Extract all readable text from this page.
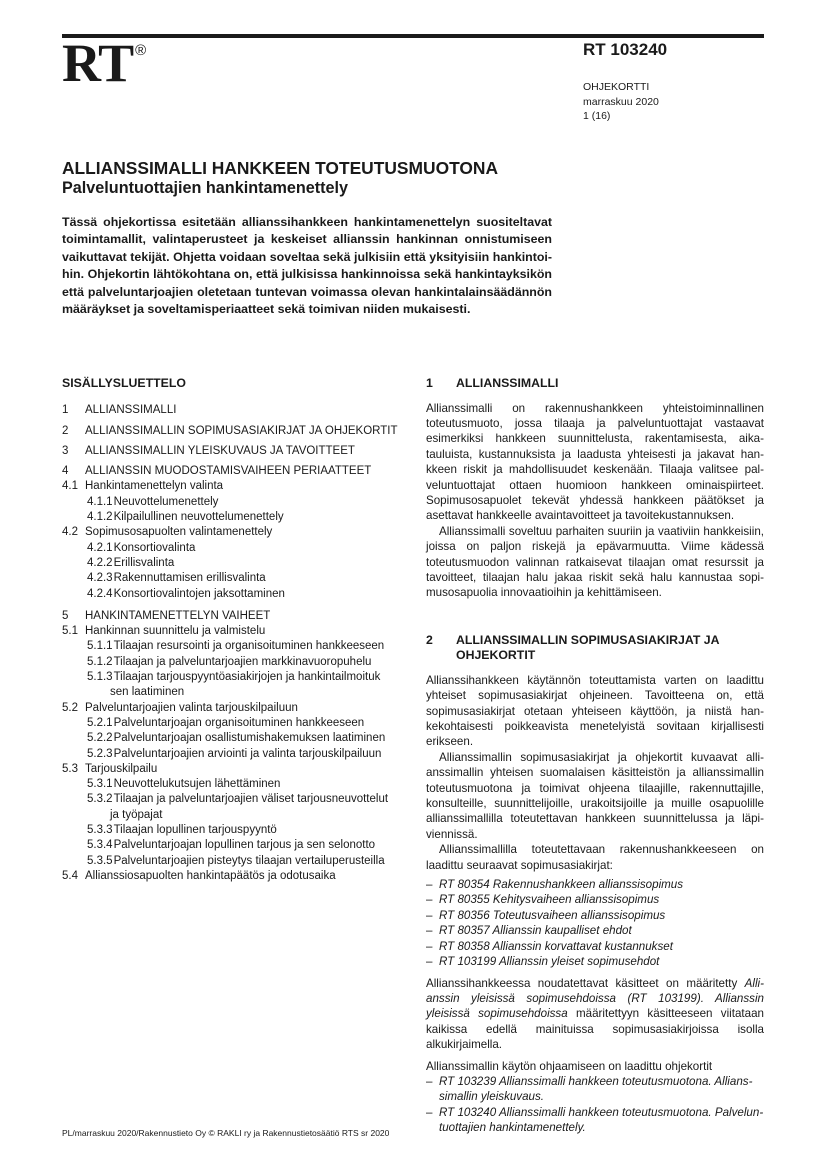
RT ®	RT 103240
OHJEKORTTI
marraskuu 2020
1 (16)
ALLIANSSIMALLI HANKKEEN TOTEUTUSMUOTONA
Palveluntuottajien hankintamenettely
Tässä ohjekortissa esitetään allianssihankkeen hankintamenettelyn suositeltavat toimintamallit, valintaperusteet ja keskeiset allianssin hankinnan onnistumiseen vaikuttavat tekijät. Ohjetta voidaan soveltaa sekä julkisiin että yksityisiin hankintoihin. Ohjekortin lähtökohtana on, että julkisissa hankinnoissa sekä hankintayksikön että palveluntarjoajien oletetaan tuntevan voimassa olevan hankintalainsäädännön määräykset ja soveltamisperiaatteet sekä toimivan niiden mukaisesti.
SISÄLLYSLUETTELO
1 ALLIANSSIMALLI
2 ALLIANSSIMALLIN SOPIMUSASIAKIRJAT JA OHJEKORTIT
3 ALLIANSSIMALLIN YLEISKUVAUS JA TAVOITTEET
4 ALLIANSSIN MUODOSTAMISVAIHEEN PERIAATTEET
4.1 Hankintamenettelyn valinta
4.1.1Neuvottelumenettely
4.1.2Kilpailullinen neuvottelumenettely
4.2 Sopimusosapuolten valintamenettely
4.2.1Konsortiovalinta
4.2.2Erillisvalinta
4.2.3Rakennuttamisen erillisvalinta
4.2.4Konsortiovalintojen jaksottaminen
5 HANKINTAMENETTELYN VAIHEET
5.1 Hankinnan suunnittelu ja valmistelu
5.1.1Tilaajan resursointi ja organisoituminen hankkeeseen
5.1.2Tilaajan ja palveluntarjoajien markkinavuoropuhelu
5.1.3Tilaajan tarjouspyyntöasiakirjojen ja hankintailmoituk
sen laatiminen
5.2 Palveluntarjoajien valinta tarjouskilpailuun
5.2.1Palveluntarjoajan organisoituminen hankkeeseen
5.2.2Palveluntarjoajan osallistumishakemuksen laatiminen
5.2.3Palveluntarjoajien arviointi ja valinta tarjouskilpailuun
5.3 Tarjouskilpailu
5.3.1Neuvottelukutsujen lähettäminen
5.3.2Tilaajan ja palveluntarjoajien väliset tarjousneuvottelut
ja työpajat
5.3.3Tilaajan lopullinen tarjouspyyntö
5.3.4Palveluntarjoajan lopullinen tarjous ja sen selonotto
5.3.5Palveluntarjoajien pisteytys tilaajan vertailuperusteilla
5.4 Allianssiosapuolten hankintapäätös ja odotusaika
1	ALLIANSSIMALLI

Allianssimalli on rakennushankkeen yhteistoiminnallinen toteutusmuoto, jossa tilaaja ja palveluntuottajat vastaavat esimerkiksi hankkeen suunnittelusta, rakentamisesta, aikatauluista, kustannuksista ja laadusta yhteisesti ja jakavat hankkeen riskit ja mahdollisuudet keskenään. Tilaaja valitsee palveluntuottajat ottaen huomioon hankkeen ominaispiirteet. Sopimusosapuolet tekevät yhdessä hankkeen päätökset ja asettavat hankkeelle avaintavoitteet ja tavoitekustannuksen.

Allianssimalli soveltuu parhaiten suuriin ja vaativiin hankkeisiin, joissa on paljon riskejä ja epävarmuutta. Viime kädessä toteutusmuodon valinnan ratkaisevat tilaajan omat resurssit ja tavoitteet, tilaajan halu jakaa riskit sekä halu kannustaa sopimusosapuolia innovaatioihin ja kehittämiseen.

2	ALLIANSSIMALLIN SOPIMUSASIAKIRJAT JA OHJEKORTIT

Allianssihankkeen käytännön toteuttamista varten on laadittu yhteiset sopimusasiakirjat ohjeineen. Tavoitteena on, että sopimusasiakirjat otetaan yhteiseen käyttöön, ja niistä hankekohtaisesti poikkeavista menetelyistä sovitaan kirjallisesti erikseen.

Allianssimallin sopimusasiakirjat ja ohjekortit kuvaavat allianssimallin yhteisen suomalaisen käsitteistön ja allianssimallin toteutusmuotona ja toimivat ohjeena tilaajille, rakennuttajille, konsulteille, suunnittelijoille, urakoitsijoille ja muille osapuolille allianssimallilla toteutettavan hankkeen suunnittelussa ja läpiviennissä.

Allianssimallilla toteutettavaan rakennushankkeeseen on laadittu seuraavat sopimusasiakirjat:

– RT 80354 Rakennushankkeen allianssisopimus
– RT 80355 Kehitysvaiheen allianssisopimus
– RT 80356 Toteutusvaiheen allianssisopimus
– RT 80357 Allianssin kaupalliset ehdot
– RT 80358 Allianssin korvattavat kustannukset
– RT 103199 Allianssin yleiset sopimusehdot

Allianssihankkeessa noudatettavat käsitteet on määritetty Allianssin yleisissä sopimusehdoissa (RT 103199). Allianssin yleisissä sopimusehdoissa määritettyyn käsitteeseen viitataan kaikissa edellä mainituissa sopimusasiakirjoissa isolla alkukirjaimella.

Allianssimallin käytön ohjaamiseen on laadittu ohjekortit

– RT 103239 Allianssimalli hankkeen toteutusmuotona. Allianssimallin yleiskuvaus.
– RT 103240 Allianssimalli hankkeen toteutusmuotona. Palveluntuottajien hankintamenettely.
PL/marraskuu 2020/Rakennustieto Oy © RAKLI ry ja Rakennustietosäätiö RTS sr 2020
